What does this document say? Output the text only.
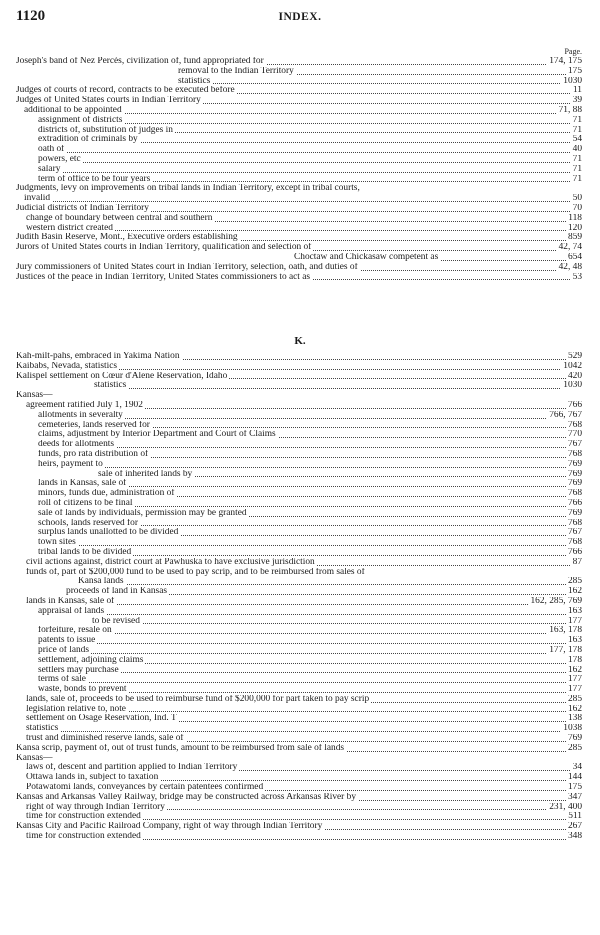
1120	INDEX.
Page.
Joseph's band of Nez Percés, civilization of, fund appropriated for	174, 175
removal to the Indian Territory	175
statistics	1030
Judges of courts of record, contracts to be executed before	11
Judges of United States courts in Indian Territory	39
additional to be appointed	71, 88
assignment of districts	71
districts of, substitution of judges in	71
extradition of criminals by	54
oath of	40
powers, etc	71
salary	71
term of office to be four years	71
Judgments, levy on improvements on tribal lands in Indian Territory, except in tribal courts,
invalid	50
Judicial districts of Indian Territory	70
change of boundary between central and southern	118
western district created	120
Judith Basin Reserve, Mont., Executive orders establishing	859
Jurors of United States courts in Indian Territory, qualification and selection of	42, 74
Choctaw and Chickasaw competent as	654
Jury commissioners of United States court in Indian Territory, selection, oath, and duties of	42, 48
Justices of the peace in Indian Territory, United States commissioners to act as	53
K.
Kah-milt-pahs, embraced in Yakima Nation	529
Kaibabs, Nevada, statistics	1042
Kalispel settlement on Cœur d'Alene Reservation, Idaho	420
statistics	1030
Kansas—
agreement ratified July 1, 1902	766
allotments in severalty	766, 767
cemeteries, lands reserved for	768
claims, adjustment by Interior Department and Court of Claims	770
deeds for allotments	767
funds, pro rata distribution of	768
heirs, payment to	769
sale of inherited lands by	769
lands in Kansas, sale of	769
minors, funds due, administration of	768
roll of citizens to be final	766
sale of lands by individuals, permission may be granted	769
schools, lands reserved for	768
surplus lands unallotted to be divided	767
town sites	768
tribal lands to be divided	766
civil actions against, district court at Pawhuska to have exclusive jurisdiction	87
funds of, part of $200,000 fund to be used to pay scrip, and to be reimbursed from sales of
Kansa lands	285
proceeds of land in Kansas	162
lands in Kansas, sale of	162, 285, 769
appraisal of lands	163
to be revised	177
forfeiture, resale on	163, 178
patents to issue	163
price of lands	177, 178
settlement, adjoining claims	178
settlers may purchase	162
terms of sale	177
waste, bonds to prevent	177
lands, sale of, proceeds to be used to reimburse fund of $200,000 for part taken to pay scrip	285
legislation relative to, note	162
settlement on Osage Reservation, Ind. T	138
statistics	1038
trust and diminished reserve lands, sale of	769
Kansa scrip, payment of, out of trust funds, amount to be reimbursed from sale of lands	285
Kansas—
laws of, descent and partition applied to Indian Territory	34
Ottawa lands in, subject to taxation	144
Potawatomi lands, conveyances by certain patentees confirmed	175
Kansas and Arkansas Valley Railway, bridge may be constructed across Arkansas River by	347
right of way through Indian Territory	231, 400
time for construction extended	511
Kansas City and Pacific Railroad Company, right of way through Indian Territory	267
time for construction extended	348
